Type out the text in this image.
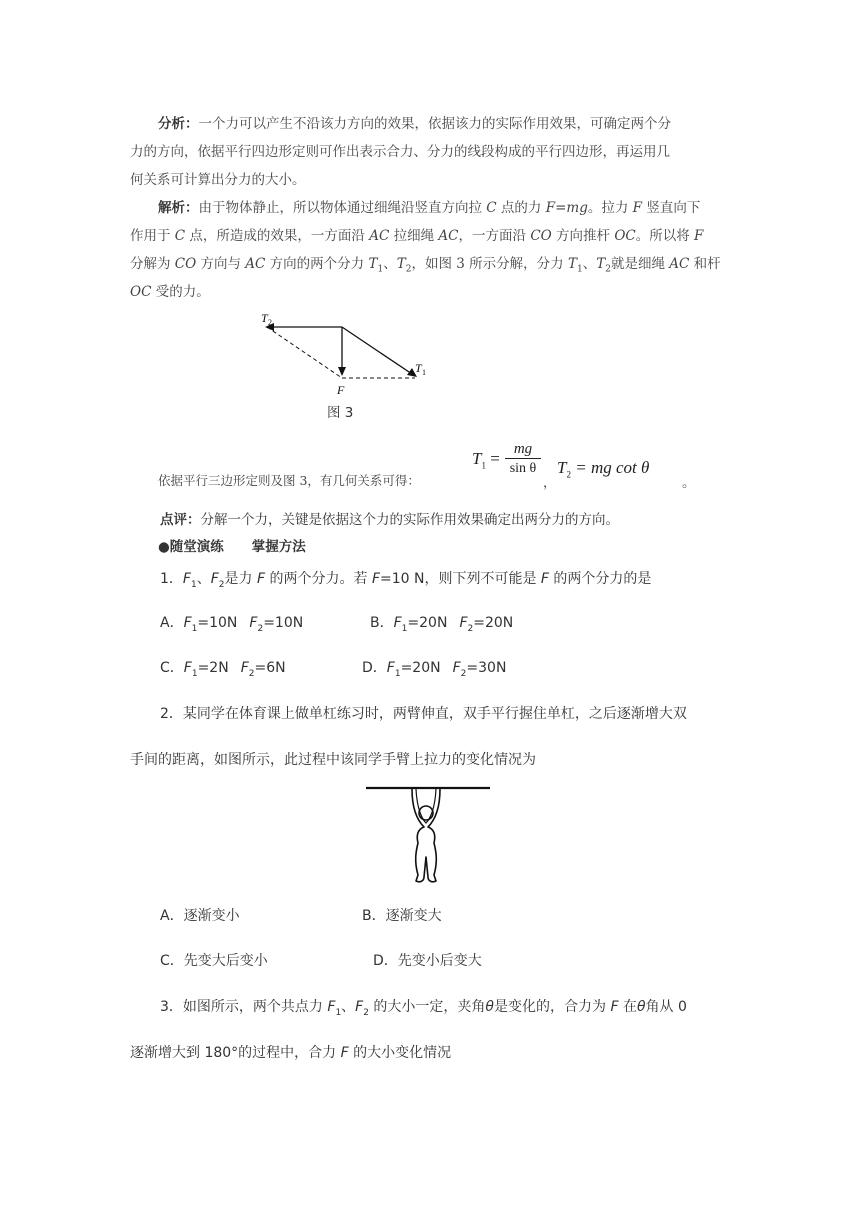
分析：一个力可以产生不沿该力方向的效果，依据该力的实际作用效果，可确定两个分
力的方向，依据平行四边形定则可作出表示合力、分力的线段构成的平行四边形，再运用几
何关系可计算出分力的大小。
解析：由于物体静止，所以物体通过细绳沿竖直方向拉 C 点的力 F=mg。拉力 F 竖直向下
作用于 C 点，所造成的效果，一方面沿 AC 拉细绳 AC，一方面沿 CO 方向推杆 OC。所以将 F
分解为 CO 方向与 AC 方向的两个分力 $T_1$、$T_2$，如图 3 所示分解，分力 $T_1$、$T_2$就是细绳 AC 和杆
OC 受的力。
T 2
T 1
F
图 3
依据平行三边形定则及图 3，有几何关系可得：
$T_1 = \frac{mg}{\text{sin θ}}$
，
$T_2$ = mg cot θ
。
点评：分解一个力，关键是依据这个力的实际作用效果确定出两分力的方向。
●随堂演练 掌握方法
1．$F_1$、$F_2$是力 F 的两个分力。若 F=10 N，则下列不可能是 F 的两个分力的是
A．$F_1=10N$ $F_2=10N$	B．$F_1=20N$ $F_2=20N$
C．$F_1=2N$ $F_2=6N$	D．$F_1=20N$ $F_2=30N$
2．某同学在体育课上做单杠练习时，两臂伸直，双手平行握住单杠，之后逐渐增大双
手间的距离，如图所示，此过程中该同学手臂上拉力的变化情况为
A．逐渐变小	B．逐渐变大
C．先变大后变小	D．先变小后变大
3．如图所示，两个共点力 $F_1$、$F_2$ 的大小一定，夹角θ是变化的，合力为 F 在θ角从 0
逐渐增大到 180°的过程中，合力 F 的大小变化情况
